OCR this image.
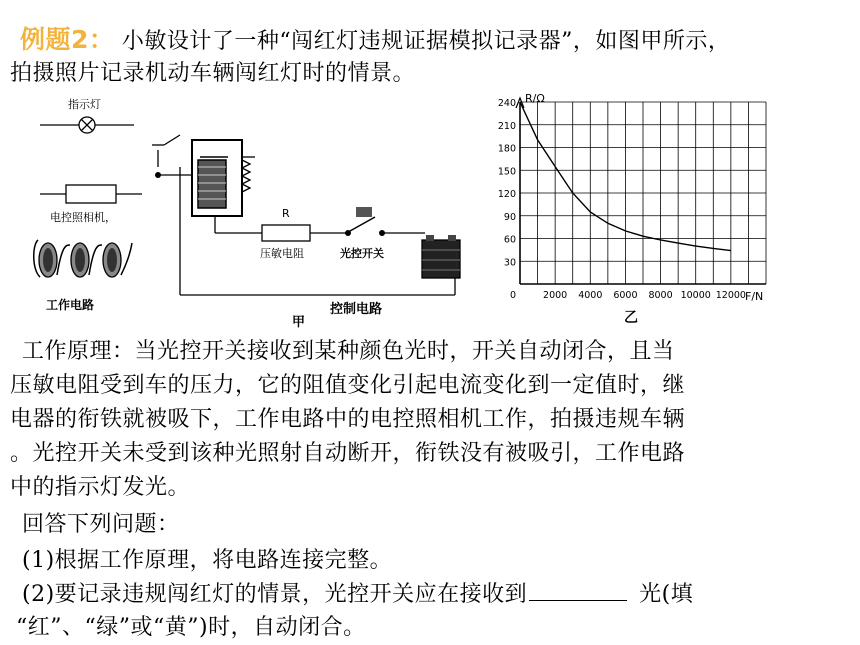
例题2： 小敏设计了一种“闯红灯违规证据模拟记录器”，如图甲所示，
拍摄照片记录机动车辆闯红灯时的情景。
指示灯
电控照相机，
工作电路
R
压敏电阻	光控开关
控制电路
甲
30
60
90
120
150
180
210
240
0	2000 4000 6000 8000 10000 12000
R/Ω
F/N
乙
工作原理：当光控开关接收到某种颜色光时，开关自动闭合，且当
压敏电阻受到车的压力，它的阻值变化引起电流变化到一定值时，继
电器的衔铁就被吸下，工作电路中的电控照相机工作，拍摄违规车辆
。光控开关未受到该种光照射自动断开，衔铁没有被吸引，工作电路
中的指示灯发光。
回答下列问题：
(1)根据工作原理，将电路连接完整。
(2)要记录违规闯红灯的情景，光控开关应在接收到	光(填
“红”、“绿”或“黄”)时，自动闭合。
